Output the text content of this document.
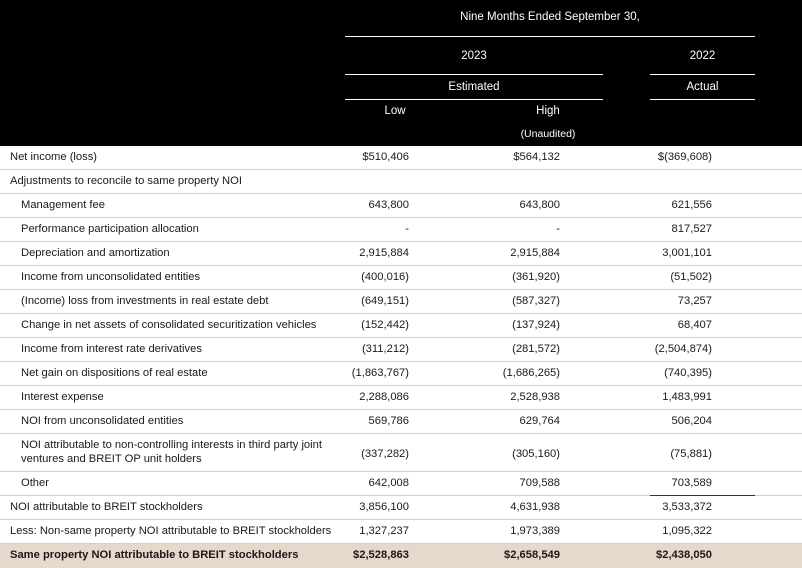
Nine Months Ended September 30,
2023	2022
Estimated	Actual
Low	High
(Unaudited)
Net income (loss)	$510,406	$564,132	$(369,608)
Adjustments to reconcile to same property NOI
Management fee	643,800	643,800	621,556
Performance participation allocation	-	-	817,527
Depreciation and amortization	2,915,884	2,915,884	3,001,101
Income from unconsolidated entities	(400,016)	(361,920)	(51,502)
(Income) loss from investments in real estate debt	(649,151)	(587,327)	73,257
Change in net assets of consolidated securitization vehicles	(152,442)	(137,924)	68,407
Income from interest rate derivatives	(311,212)	(281,572)	(2,504,874)
Net gain on dispositions of real estate	(1,863,767)	(1,686,265)	(740,395)
Interest expense	2,288,086	2,528,938	1,483,991
NOI from unconsolidated entities	569,786	629,764	506,204
NOI attributable to non-controlling interests in third party joint ventures and BREIT OP unit holders	(337,282)	(305,160)	(75,881)
Other	642,008	709,588	703,589
NOI attributable to BREIT stockholders	3,856,100	4,631,938	3,533,372
Less: Non-same property NOI attributable to BREIT stockholders 1,327,237	1,973,389	1,095,322
Same property NOI attributable to BREIT stockholders	$2,528,863	$2,658,549	$2,438,050
